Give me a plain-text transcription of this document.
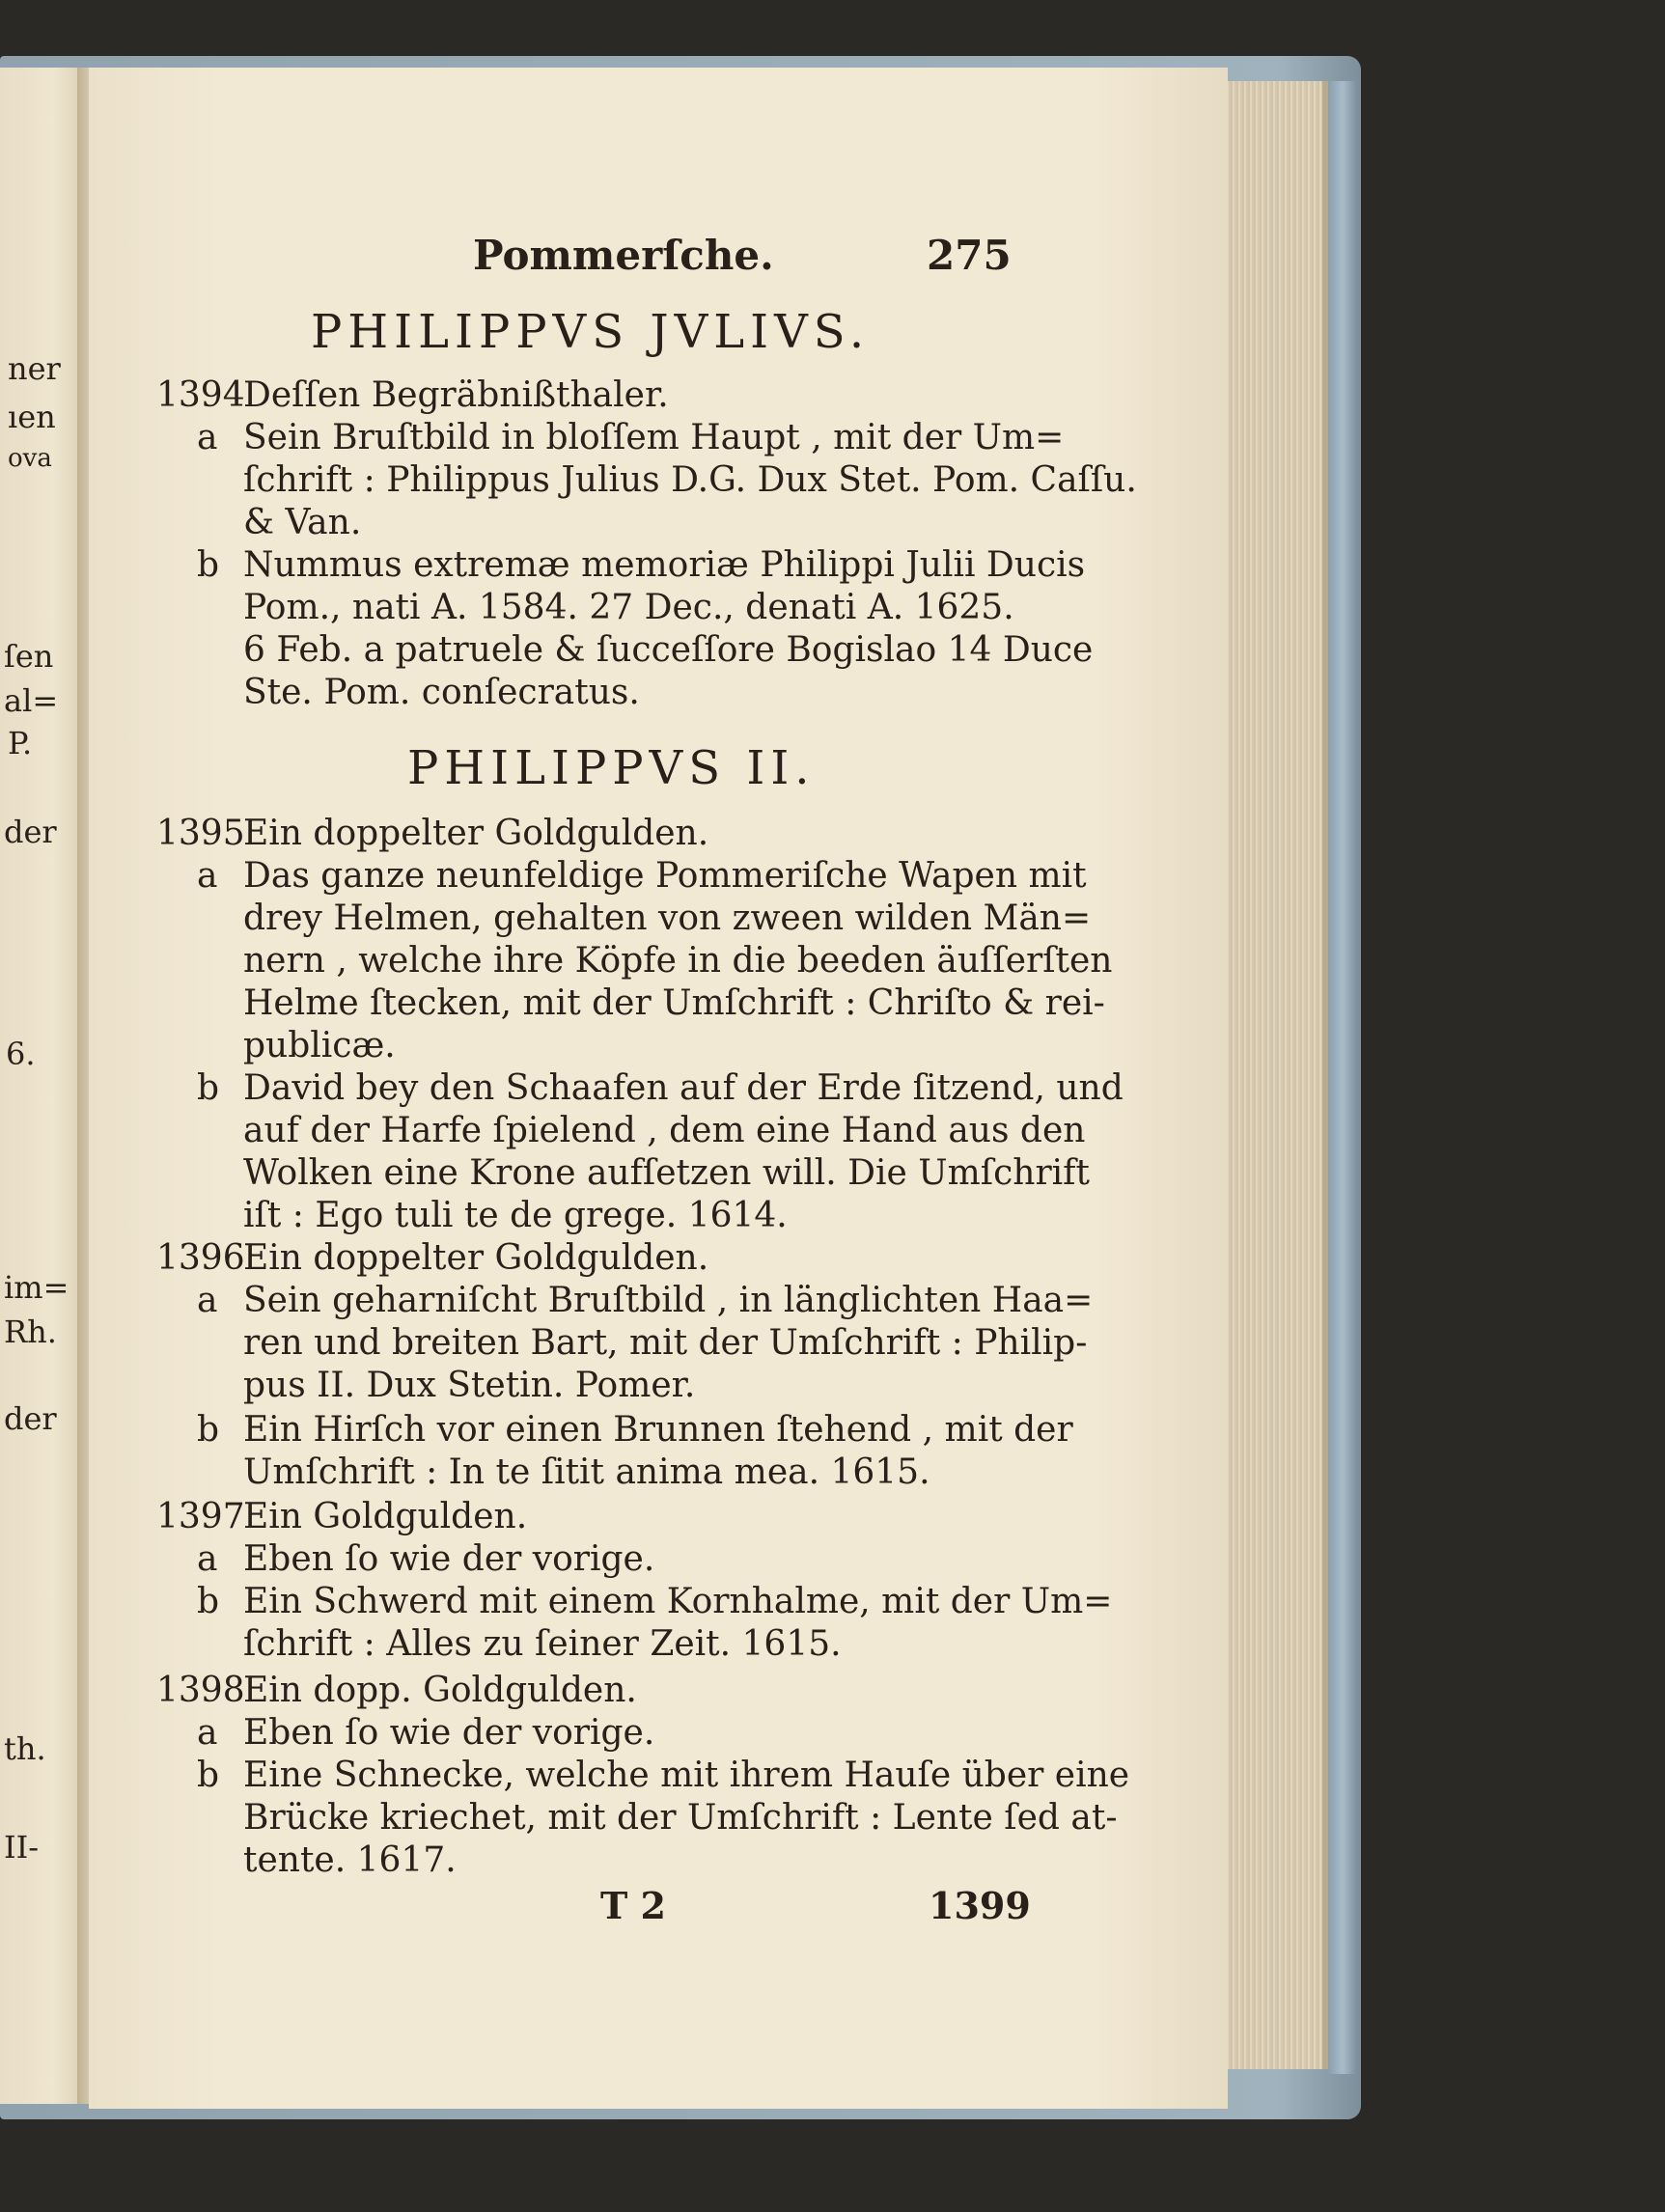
ner
ıen
ova
ſen
al=
P.
der
6.
im=
Rh.
der
th.
II-
Pommerſche.	275
PHILIPPVS JVLIVS.
1394Deſſen Begräbnißthaler.
a Sein Bruſtbild in bloſſem Haupt , mit der Um=
ſchrift : Philippus Julius D.G. Dux Stet. Pom. Caſſu.
& Van.
b Nummus extremæ memoriæ Philippi Julii Ducis
Pom., nati A. 1584. 27 Dec., denati A. 1625.
6 Feb. a patruele & ſucceſſore Bogislao 14 Duce
Ste. Pom. conſecratus.
PHILIPPVS II.
1395Ein doppelter Goldgulden.
a Das ganze neunfeldige Pommeriſche Wapen mit
drey Helmen, gehalten von zween wilden Män=
nern , welche ihre Köpfe in die beeden äuſſerſten
Helme ſtecken, mit der Umſchrift : Chriſto & rei-
publicæ.
b David bey den Schaafen auf der Erde ſitzend, und
auf der Harfe ſpielend , dem eine Hand aus den
Wolken eine Krone aufſetzen will. Die Umſchrift
iſt : Ego tuli te de grege. 1614.
1396Ein doppelter Goldgulden.
a Sein geharniſcht Bruſtbild , in länglichten Haa=
ren und breiten Bart, mit der Umſchrift : Philip-
pus II. Dux Stetin. Pomer.
b Ein Hirſch vor einen Brunnen ſtehend , mit der
Umſchrift : In te ſitit anima mea. 1615.
1397Ein Goldgulden.
a Eben ſo wie der vorige.
b Ein Schwerd mit einem Kornhalme, mit der Um=
ſchrift : Alles zu ſeiner Zeit. 1615.
1398Ein dopp. Goldgulden.
a Eben ſo wie der vorige.
b Eine Schnecke, welche mit ihrem Hauſe über eine
Brücke kriechet, mit der Umſchrift : Lente ſed at-
tente. 1617.
T 2	1399
